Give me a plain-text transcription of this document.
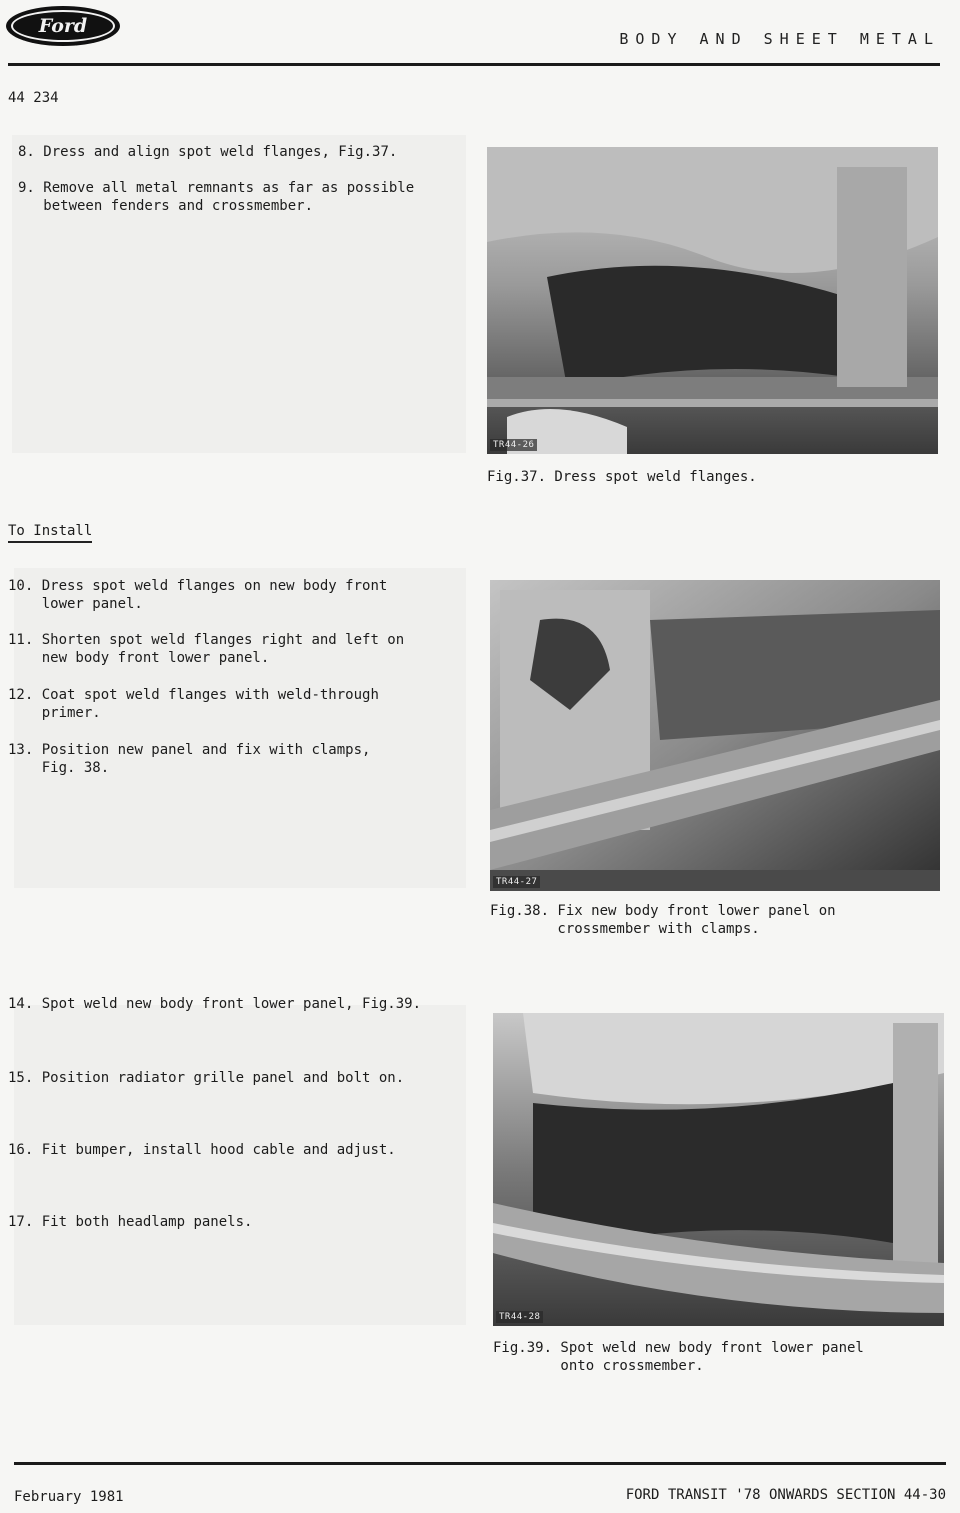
Ford
BODY AND SHEET METAL
44 234
8. Dress and align spot weld flanges, Fig.37.
9. Remove all metal remnants as far as possible
between fenders and crossmember.
To Install
10. Dress spot weld flanges on new body front
lower panel.
11. Shorten spot weld flanges right and left on
new body front lower panel.
12. Coat spot weld flanges with weld-through
primer.
13. Position new panel and fix with clamps,
Fig. 38.
14. Spot weld new body front lower panel, Fig.39.
15. Position radiator grille panel and bolt on.
16. Fit bumper, install hood cable and adjust.
17. Fit both headlamp panels.
TR44-26
Fig.37. Dress spot weld flanges.
TR44-27
Fig.38. Fix new body front lower panel on
crossmember with clamps.
TR44-28
Fig.39. Spot weld new body front lower panel
onto crossmember.
February 1981	FORD TRANSIT '78 ONWARDS SECTION 44-30
